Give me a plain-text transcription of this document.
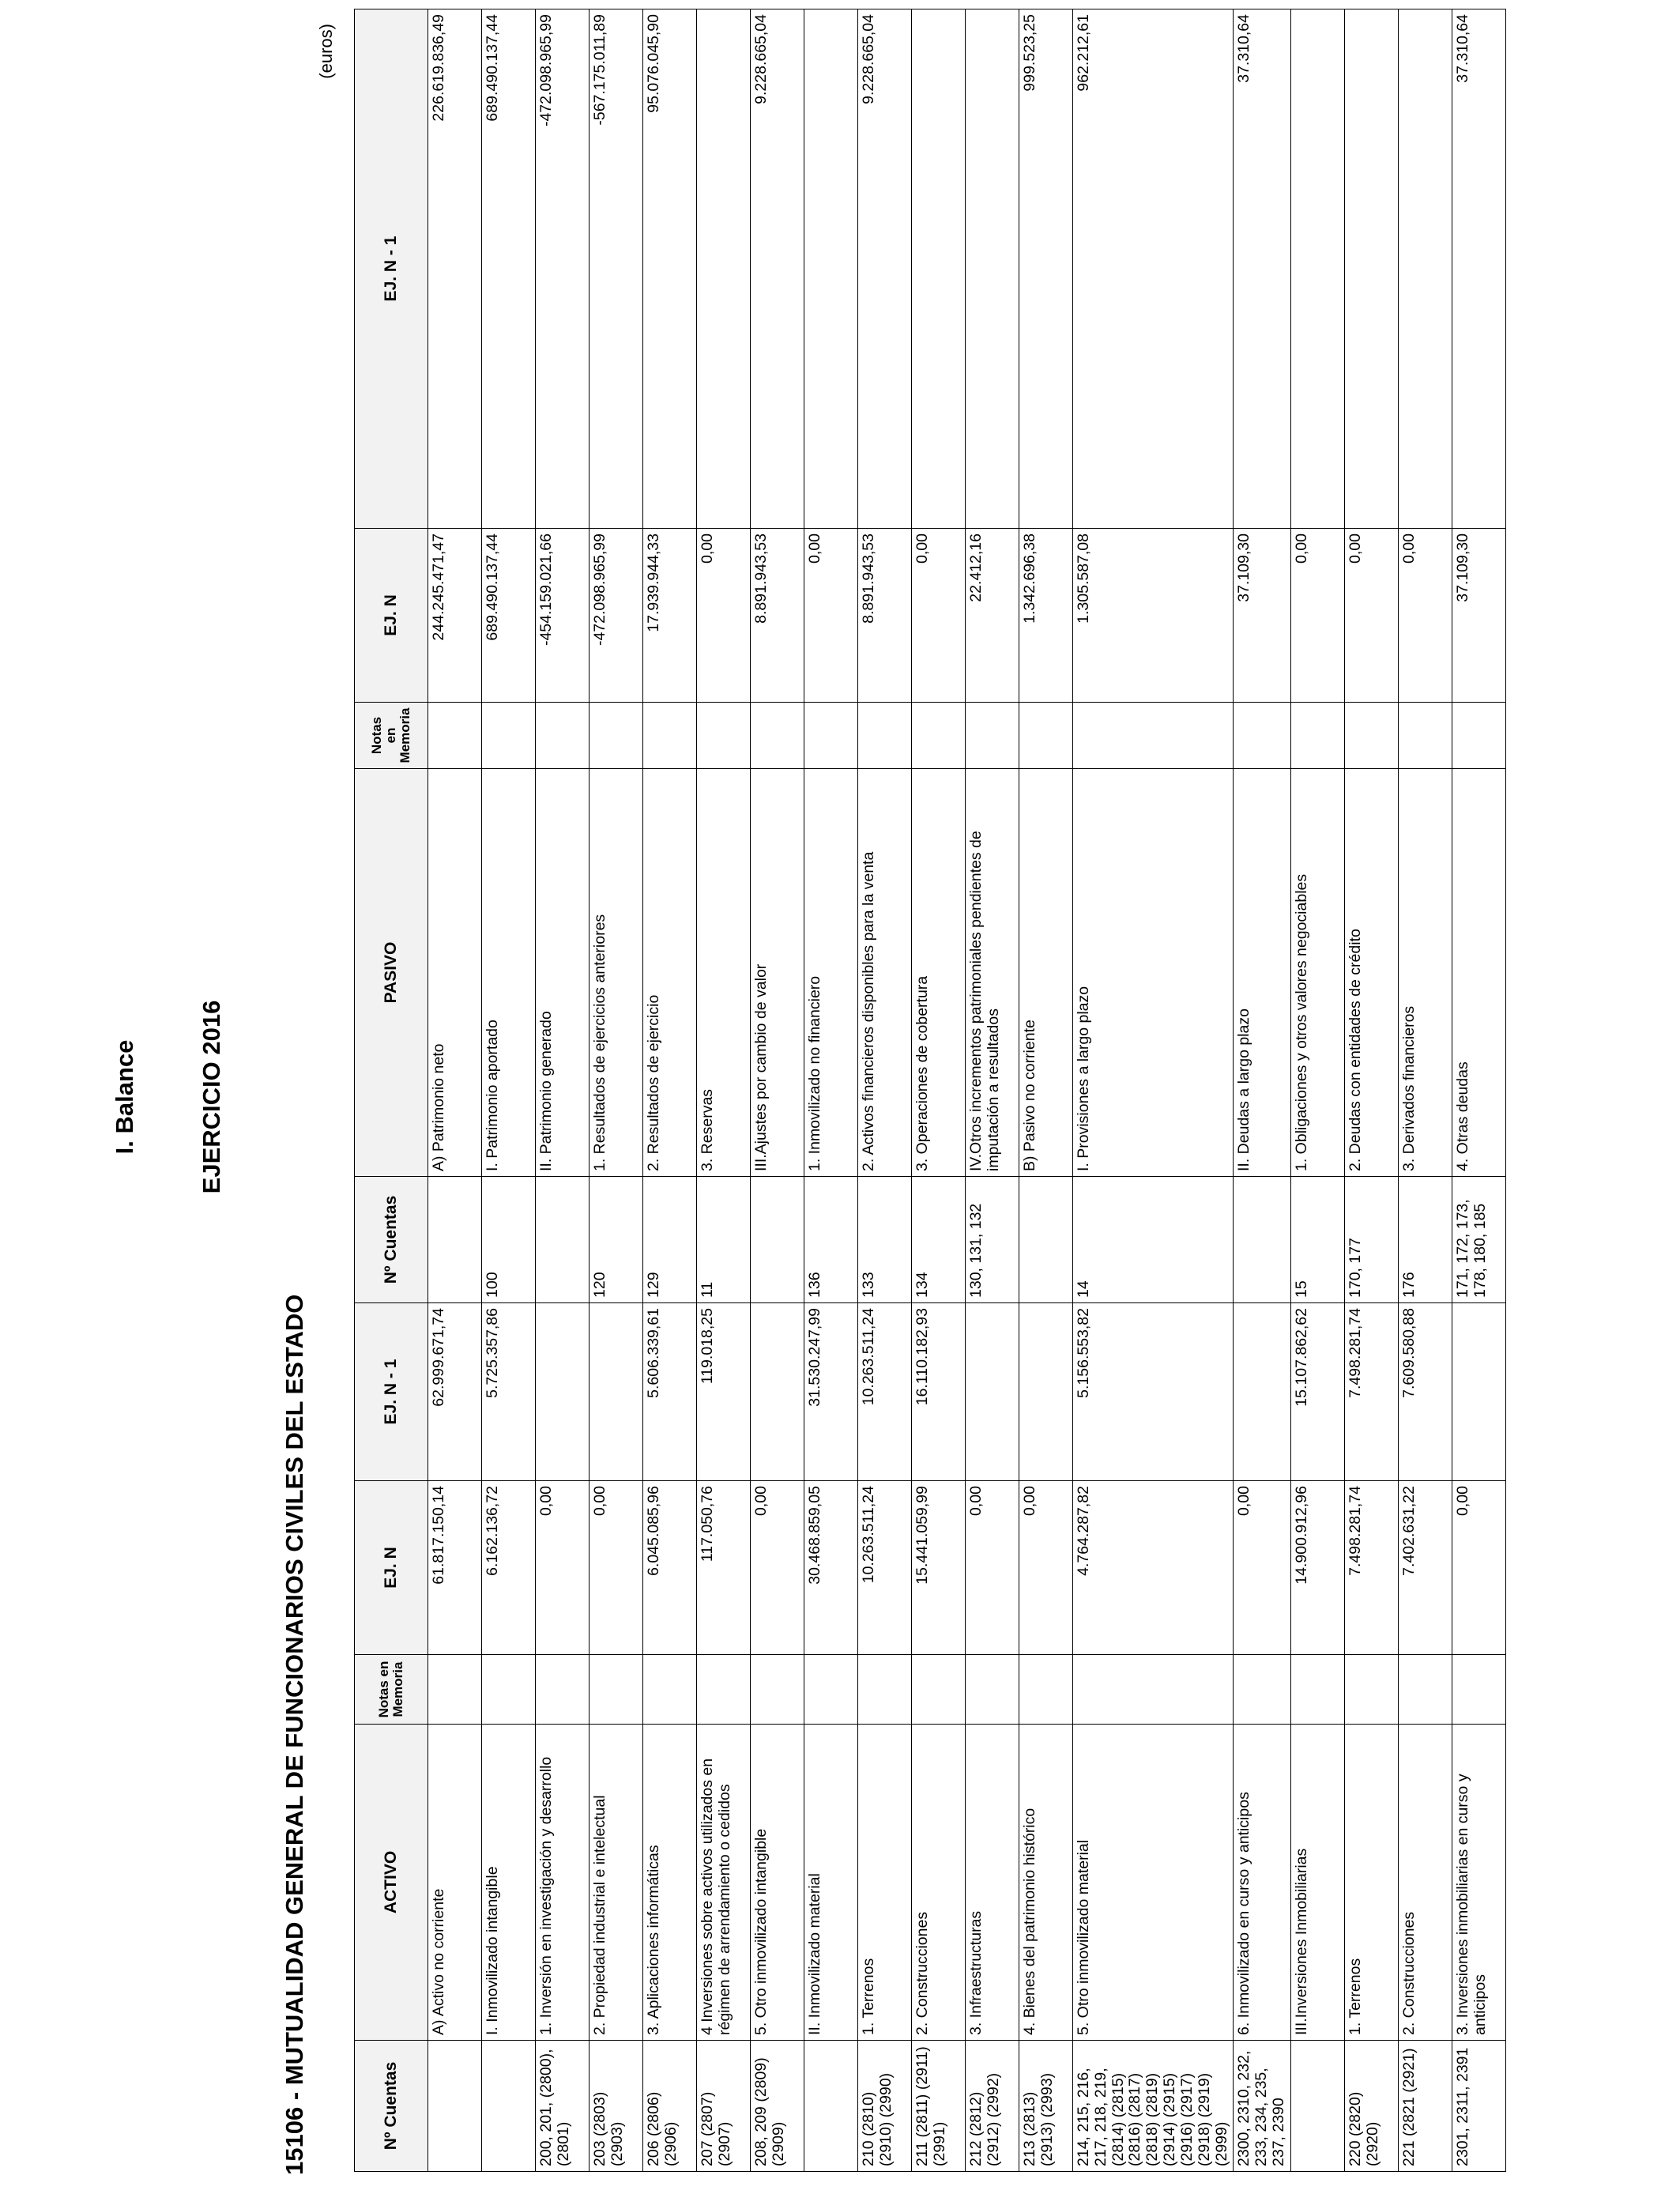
I. Balance EJERCICIO 2016
15106 - MUTUALIDAD GENERAL DE FUNCIONARIOS CIVILES DEL ESTADO
(euros)
Nº Cuentas	ACTIVO	Notas en Memoria	EJ. N	EJ. N - 1	Nº Cuentas	PASIVO	Notas en Memoria	EJ. N	EJ. N - 1
	A) Activo no corriente		61.817.150,14	62.999.671,74		A) Patrimonio neto		244.245.471,47	226.619.836,49
	I. Inmovilizado intangible		6.162.136,72	5.725.357,86	100	I. Patrimonio aportado		689.490.137,44	689.490.137,44
200, 201, (2800), (2801)	1. Inversión en investigación y desarrollo		0,00			II. Patrimonio generado		-454.159.021,66	-472.098.965,99
203 (2803) (2903)	2. Propiedad industrial e intelectual		0,00		120	1. Resultados de ejercicios anteriores		-472.098.965,99	-567.175.011,89
206 (2806) (2906)	3. Aplicaciones informáticas		6.045.085,96	5.606.339,61	129	2. Resultados de ejercicio		17.939.944,33	95.076.045,90
207 (2807) (2907)	4 Inversiones sobre activos utilizados en régimen de arrendamiento o cedidos		117.050,76	119.018,25	11	3. Reservas		0,00	
208, 209 (2809) (2909)	5. Otro inmovilizado intangible		0,00			III.Ajustes por cambio de valor		8.891.943,53	9.228.665,04
	II. Inmovilizado material		30.468.859,05	31.530.247,99	136	1. Inmovilizado no financiero		0,00	
210 (2810) (2910) (2990)	1. Terrenos		10.263.511,24	10.263.511,24	133	2. Activos financieros disponibles para la venta		8.891.943,53	9.228.665,04
211 (2811) (2911) (2991)	2. Construcciones		15.441.059,99	16.110.182,93	134	3. Operaciones de cobertura		0,00	
212 (2812) (2912) (2992)	3. Infraestructuras		0,00		130, 131, 132	IV.Otros incrementos patrimoniales pendientes de imputación a resultados		22.412,16	
213 (2813) (2913) (2993)	4. Bienes del patrimonio histórico		0,00			B) Pasivo no corriente		1.342.696,38	999.523,25
214, 215, 216, 217, 218, 219, (2814) (2815) (2816) (2817) (2818) (2819) (2914) (2915) (2916) (2917) (2918) (2919) (2999)	5. Otro inmovilizado material		4.764.287,82	5.156.553,82	14	I. Provisiones a largo plazo		1.305.587,08	962.212,61
2300, 2310, 232, 233, 234, 235, 237, 2390	6. Inmovilizado en curso y anticipos		0,00			II. Deudas a largo plazo		37.109,30	37.310,64
	III.Inversiones Inmobiliarias		14.900.912,96	15.107.862,62	15	1. Obligaciones y otros valores negociables		0,00	
220 (2820) (2920)	1. Terrenos		7.498.281,74	7.498.281,74	170, 177	2. Deudas con entidades de crédito		0,00	
221 (2821 (2921)	2. Construcciones		7.402.631,22	7.609.580,88	176	3. Derivados financieros		0,00	
2301, 2311, 2391	3. Inversiones inmobiliarias en curso y anticipos		0,00		171, 172, 173, 178, 180, 185	4. Otras deudas		37.109,30	37.310,64
